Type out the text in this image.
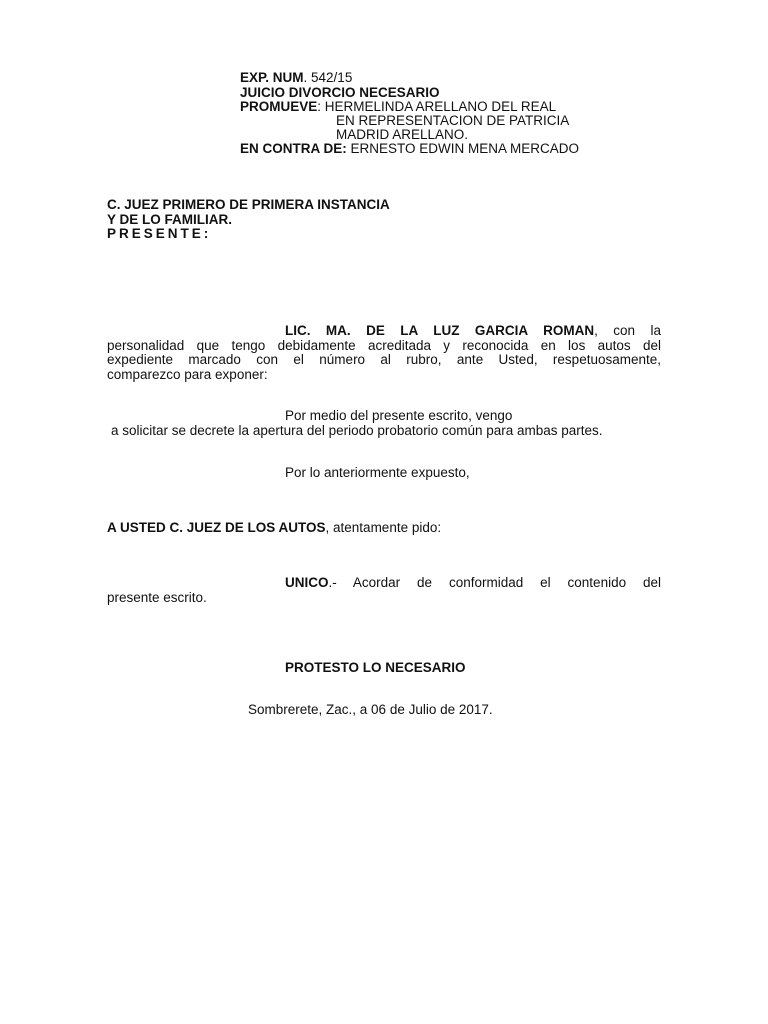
EXP. NUM. 542/15
JUICIO DIVORCIO NECESARIO
PROMUEVE: HERMELINDA ARELLANO DEL REAL
EN REPRESENTACION DE PATRICIA
MADRID ARELLANO.
EN CONTRA DE: ERNESTO EDWIN MENA MERCADO
C. JUEZ PRIMERO DE PRIMERA INSTANCIA
Y DE LO FAMILIAR.
PRESENTE:
LIC. MA. DE LA LUZ GARCIA ROMAN, con la
personalidad que tengo debidamente acreditada y reconocida en los autos del
expediente marcado con el número al rubro, ante Usted, respetuosamente,
comparezco para exponer:
Por medio del presente escrito, vengo
a solicitar se decrete la apertura del periodo probatorio común para ambas partes.
Por lo anteriormente expuesto,
A USTED C. JUEZ DE LOS AUTOS, atentamente pido:
UNICO.- Acordar de conformidad el contenido del
presente escrito.
PROTESTO LO NECESARIO
Sombrerete, Zac., a 06 de Julio de 2017.
